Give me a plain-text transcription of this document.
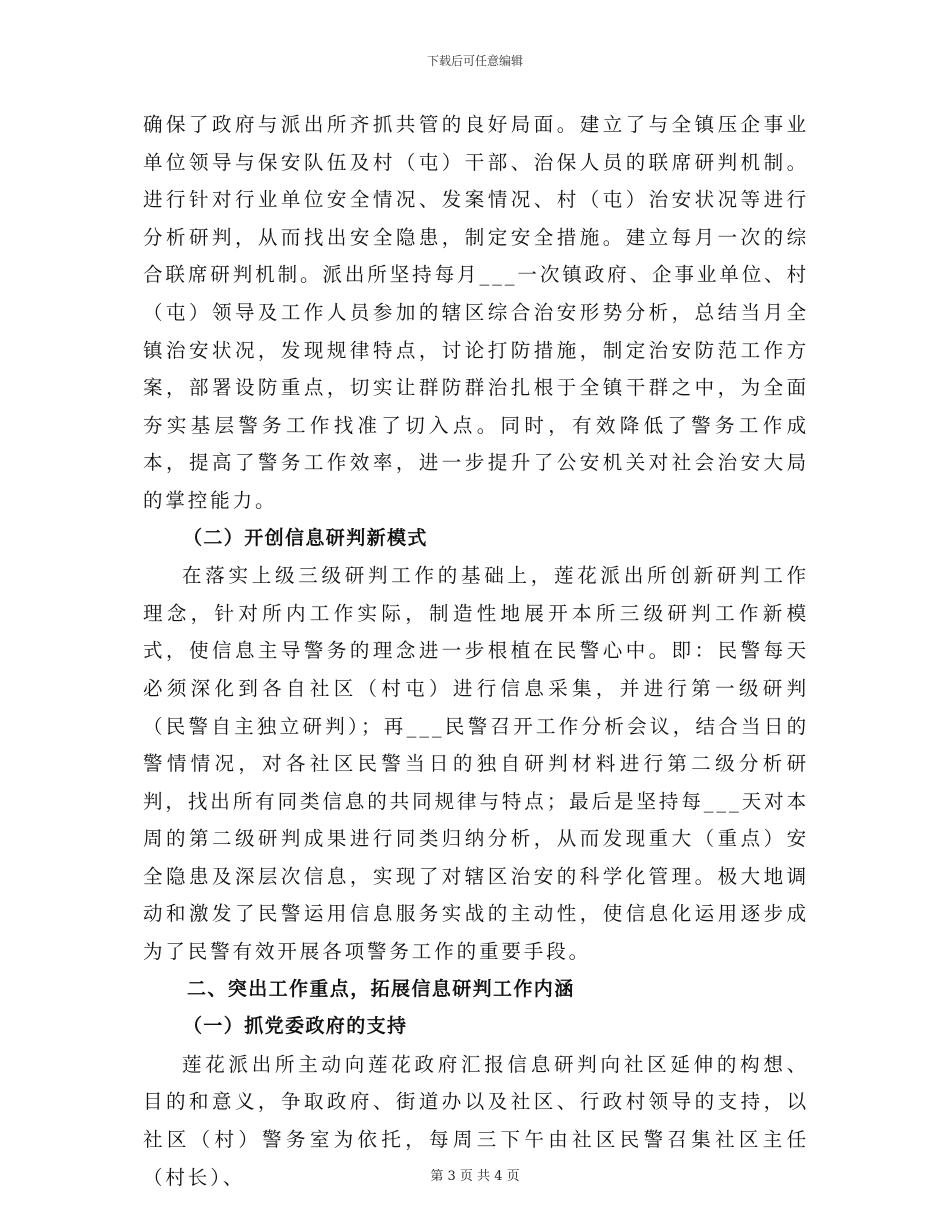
下载后可任意编辑

确保了政府与派出所齐抓共管的良好局面。建立了与全镇压企事业单位领导与保安队伍及村（屯）干部、治保人员的联席研判机制。进行针对行业单位安全情况、发案情况、村（屯）治安状况等进行分析研判，从而找出安全隐患，制定安全措施。建立每月一次的综合联席研判机制。派出所坚持每月___一次镇政府、企事业单位、村（屯）领导及工作人员参加的辖区综合治安形势分析，总结当月全镇治安状况，发现规律特点，讨论打防措施，制定治安防范工作方案，部署设防重点，切实让群防群治扎根于全镇干群之中，为全面夯实基层警务工作找准了切入点。同时，有效降低了警务工作成本，提高了警务工作效率，进一步提升了公安机关对社会治安大局的掌控能力。

（二）开创信息研判新模式

在落实上级三级研判工作的基础上，莲花派出所创新研判工作理念，针对所内工作实际，制造性地展开本所三级研判工作新模式，使信息主导警务的理念进一步根植在民警心中。即：民警每天必须深化到各自社区（村屯）进行信息采集，并进行第一级研判（民警自主独立研判）；再___民警召开工作分析会议，结合当日的警情情况，对各社区民警当日的独自研判材料进行第二级分析研判，找出所有同类信息的共同规律与特点；最后是坚持每___天对本周的第二级研判成果进行同类归纳分析，从而发现重大（重点）安全隐患及深层次信息，实现了对辖区治安的科学化管理。极大地调动和激发了民警运用信息服务实战的主动性，使信息化运用逐步成为了民警有效开展各项警务工作的重要手段。

二、突出工作重点，拓展信息研判工作内涵

（一）抓党委政府的支持

莲花派出所主动向莲花政府汇报信息研判向社区延伸的构想、目的和意义，争取政府、街道办以及社区、行政村领导的支持，以社区（村）警务室为依托，每周三下午由社区民警召集社区主任（村长）、	第 3 页 共 4 页
